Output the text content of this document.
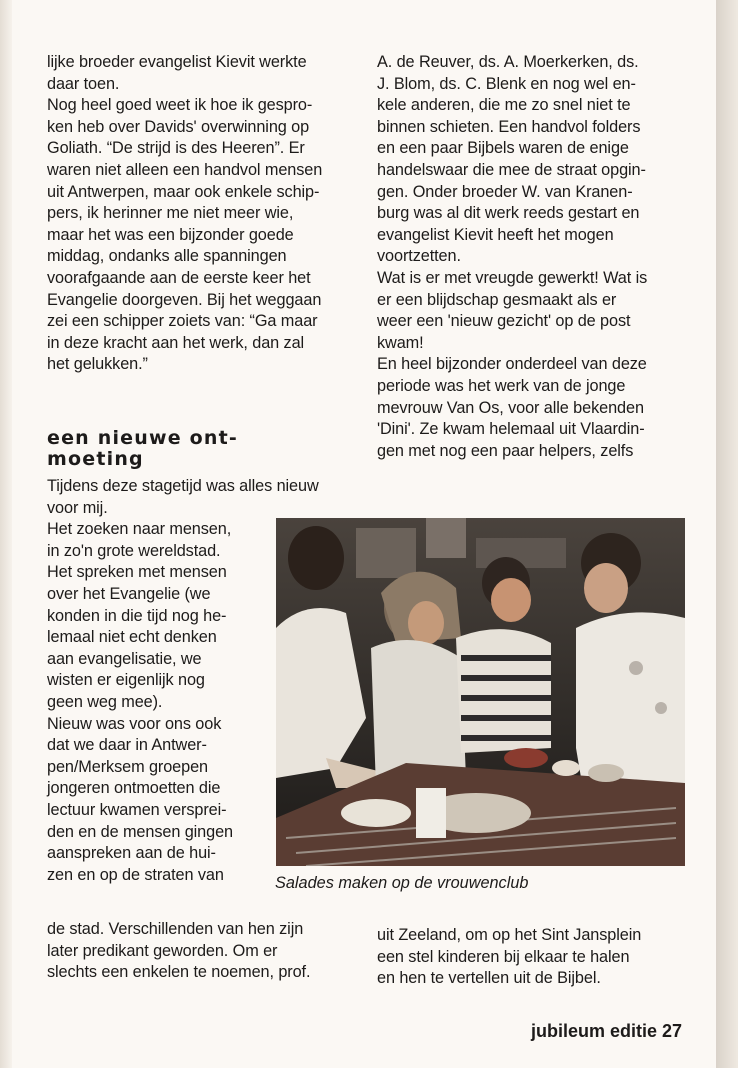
lijke broeder evangelist Kievit werkte
daar toen.
Nog heel goed weet ik hoe ik gespro-
ken heb over Davids' overwinning op
Goliath. “De strijd is des Heeren”. Er
waren niet alleen een handvol mensen
uit Antwerpen, maar ook enkele schip-
pers, ik herinner me niet meer wie,
maar het was een bijzonder goede
middag, ondanks alle spanningen
voorafgaande aan de eerste keer het
Evangelie doorgeven. Bij het weggaan
zei een schipper zoiets van: “Ga maar
in deze kracht aan het werk, dan zal
het gelukken.”
een nieuwe ont-
moeting
Tijdens deze stagetijd was alles nieuw
voor mij.
Het zoeken naar mensen,
in zo'n grote wereldstad.
Het spreken met mensen
over het Evangelie (we
konden in die tijd nog he-
lemaal niet echt denken
aan evangelisatie, we
wisten er eigenlijk nog
geen weg mee).
Nieuw was voor ons ook
dat we daar in Antwer-
pen/Merksem groepen
jongeren ontmoetten die
lectuur kwamen versprei-
den en de mensen gingen
aanspreken aan de hui-
zen en op de straten van
de stad. Verschillenden van hen zijn
later predikant geworden. Om er
slechts een enkelen te noemen, prof.
A. de Reuver, ds. A. Moerkerken, ds.
J. Blom, ds. C. Blenk en nog wel en-
kele anderen, die me zo snel niet te
binnen schieten. Een handvol folders
en een paar Bijbels waren de enige
handelswaar die mee de straat opgin-
gen. Onder broeder W. van Kranen-
burg was al dit werk reeds gestart en
evangelist Kievit heeft het mogen
voortzetten.
Wat is er met vreugde gewerkt! Wat is
er een blijdschap gesmaakt als er
weer een 'nieuw gezicht' op de post
kwam!
En heel bijzonder onderdeel van deze
periode was het werk van de jonge
mevrouw Van Os, voor alle bekenden
'Dini'. Ze kwam helemaal uit Vlaardin-
gen met nog een paar helpers, zelfs
Salades maken op de vrouwenclub
uit Zeeland, om op het Sint Jansplein
een stel kinderen bij elkaar te halen
en hen te vertellen uit de Bijbel.
jubileum editie 27
